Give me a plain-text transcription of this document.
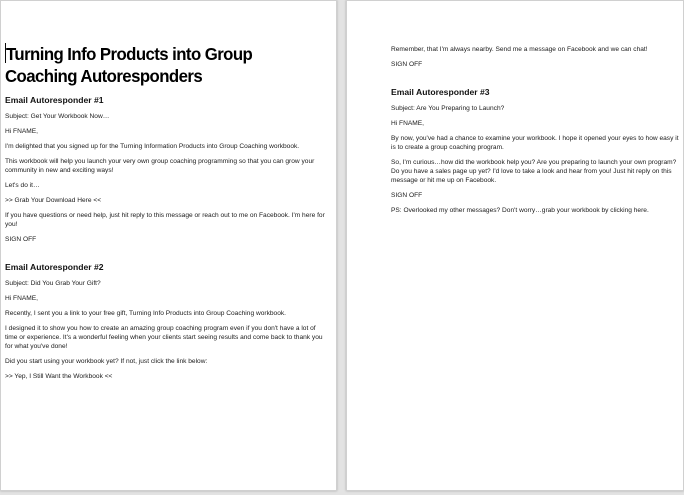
Turning Info Products into Group Coaching Autoresponders
Email Autoresponder #1

Subject: Get Your Workbook Now…

Hi FNAME,

I'm delighted that you signed up for the Turning Information Products into Group Coaching workbook.

This workbook will help you launch your very own group coaching programming so that you can grow your community in new and exciting ways!

Let's do it…

>> Grab Your Download Here <<

If you have questions or need help, just hit reply to this message or reach out to me on Facebook. I'm here for you!

SIGN OFF

Email Autoresponder #2

Subject: Did You Grab Your Gift?

Hi FNAME,

Recently, I sent you a link to your free gift, Turning Info Products into Group Coaching workbook.

I designed it to show you how to create an amazing group coaching program even if you don't have a lot of time or experience. It's a wonderful feeling when your clients start seeing results and come back to thank you for what you've done!

Did you start using your workbook yet? If not, just click the link below:

>> Yep, I Still Want the Workbook <<

Remember, that I'm always nearby. Send me a message on Facebook and we can chat!

SIGN OFF

Email Autoresponder #3

Subject: Are You Preparing to Launch?

Hi FNAME,

By now, you've had a chance to examine your workbook. I hope it opened your eyes to how easy it is to create a group coaching program.

So, I'm curious…how did the workbook help you? Are you preparing to launch your own program? Do you have a sales page up yet? I'd love to take a look and hear from you! Just hit reply on this message or hit me up on Facebook.

SIGN OFF

PS: Overlooked my other messages? Don't worry…grab your workbook by clicking here.
